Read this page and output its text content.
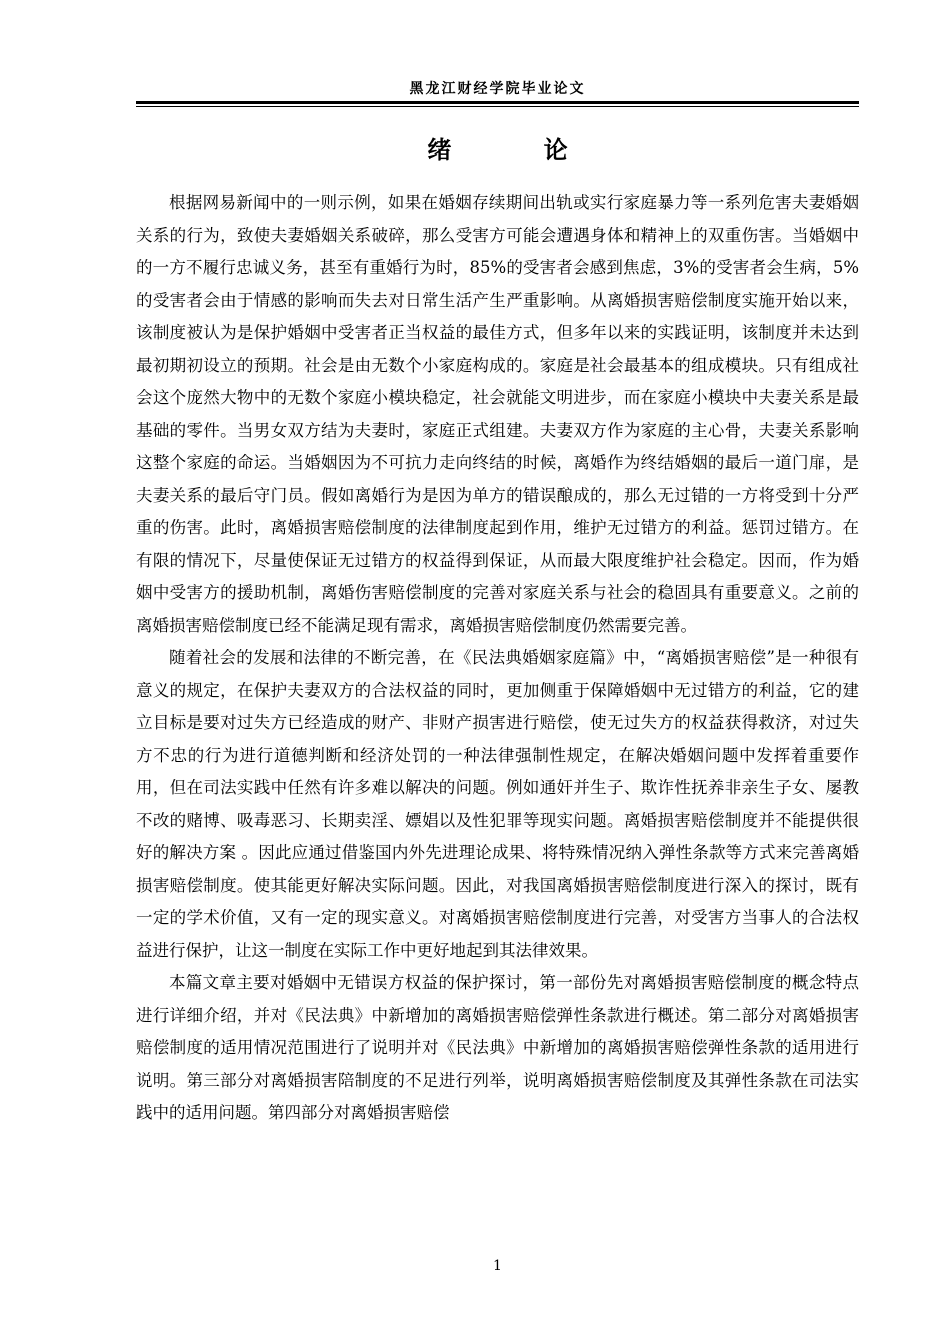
黑龙江财经学院毕业论文
绪 论

根据网易新闻中的一则示例，如果在婚姻存续期间出轨或实行家庭暴力等一系列危害夫妻婚姻关系的行为，致使夫妻婚姻关系破碎，那么受害方可能会遭遇身体和精神上的双重伤害。当婚姻中的一方不履行忠诚义务，甚至有重婚行为时，85%的受害者会感到焦虑，3%的受害者会生病，5%的受害者会由于情感的影响而失去对日常生活产生严重影响。从离婚损害赔偿制度实施开始以来，该制度被认为是保护婚姻中受害者正当权益的最佳方式，但多年以来的实践证明，该制度并未达到最初期初设立的预期。社会是由无数个小家庭构成的。家庭是社会最基本的组成模块。只有组成社会这个庞然大物中的无数个家庭小模块稳定，社会就能文明进步，而在家庭小模块中夫妻关系是最基础的零件。当男女双方结为夫妻时，家庭正式组建。夫妻双方作为家庭的主心骨，夫妻关系影响这整个家庭的命运。当婚姻因为不可抗力走向终结的时候，离婚作为终结婚姻的最后一道门扉，是夫妻关系的最后守门员。假如离婚行为是因为单方的错误酿成的，那么无过错的一方将受到十分严重的伤害。此时，离婚损害赔偿制度的法律制度起到作用，维护无过错方的利益。惩罚过错方。在有限的情况下，尽量使保证无过错方的权益得到保证，从而最大限度维护社会稳定。因而，作为婚姻中受害方的援助机制，离婚伤害赔偿制度的完善对家庭关系与社会的稳固具有重要意义。之前的离婚损害赔偿制度已经不能满足现有需求，离婚损害赔偿制度仍然需要完善。

随着社会的发展和法律的不断完善，在《民法典婚姻家庭篇》中，“离婚损害赔偿”是一种很有意义的规定，在保护夫妻双方的合法权益的同时，更加侧重于保障婚姻中无过错方的利益，它的建立目标是要对过失方已经造成的财产、非财产损害进行赔偿，使无过失方的权益获得救济，对过失方不忠的行为进行道德判断和经济处罚的一种法律强制性规定，在解决婚姻问题中发挥着重要作用，但在司法实践中任然有许多难以解决的问题。例如通奸并生子、欺诈性抚养非亲生子女、屡教不改的赌博、吸毒恶习、长期卖淫、嫖娼以及性犯罪等现实问题。离婚损害赔偿制度并不能提供很好的解决方案 。因此应通过借鉴国内外先进理论成果、将特殊情况纳入弹性条款等方式来完善离婚损害赔偿制度。使其能更好解决实际问题。因此，对我国离婚损害赔偿制度进行深入的探讨，既有一定的学术价值，又有一定的现实意义。对离婚损害赔偿制度进行完善，对受害方当事人的合法权益进行保护，让这一制度在实际工作中更好地起到其法律效果。

本篇文章主要对婚姻中无错误方权益的保护探讨，第一部份先对离婚损害赔偿制度的概念特点进行详细介绍，并对《民法典》中新增加的离婚损害赔偿弹性条款进行概述。第二部分对离婚损害赔偿制度的适用情况范围进行了说明并对《民法典》中新增加的离婚损害赔偿弹性条款的适用进行说明。第三部分对离婚损害陪制度的不足进行列举，说明离婚损害赔偿制度及其弹性条款在司法实践中的适用问题。第四部分对离婚损害赔偿

1
